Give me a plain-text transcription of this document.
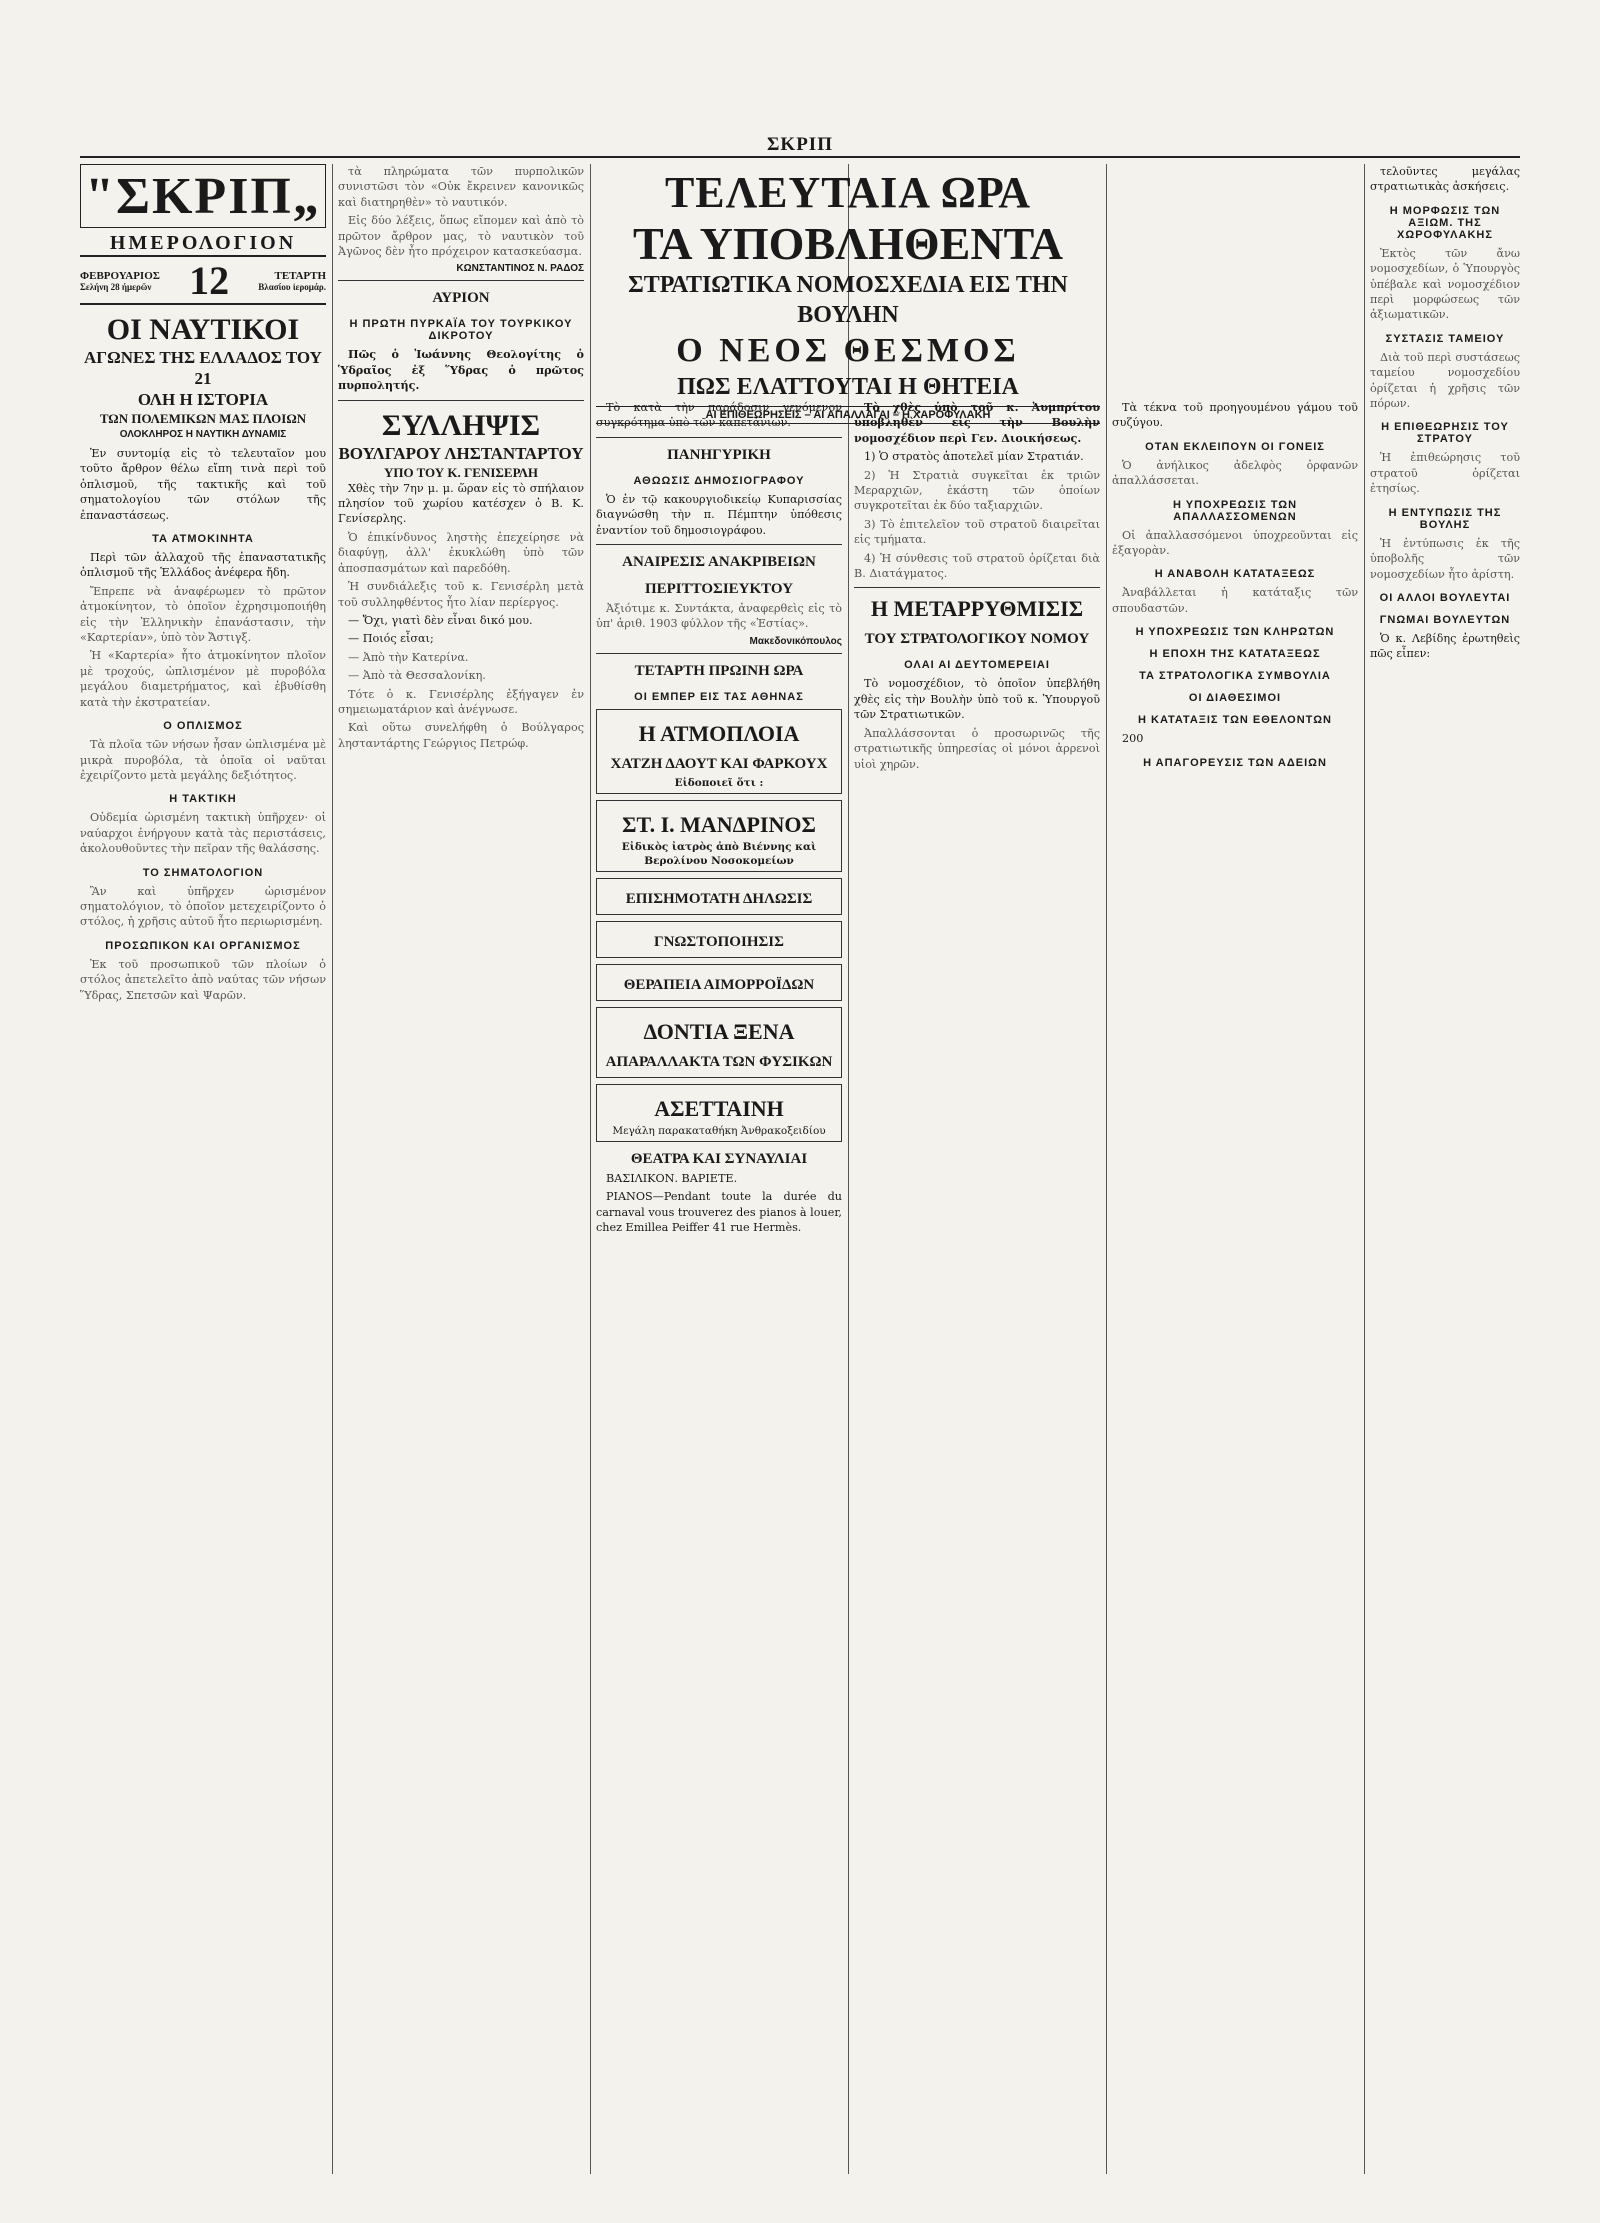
ΣΚΡΙΠ
"ΣΚΡΙΠ„
ΗΜΕΡΟΛΟΓΙΟΝ
ΦΕΒΡΟΥΑΡΙΟΣ
Σελήνη 28 ήμερῶν 12	ΤΕΤΑΡΤΗ
Βλασίου ἱερομάρ.
ΟΙ ΝΑΥΤΙΚΟΙ
ΑΓΩΝΕΣ ΤΗΣ ΕΛΛΑΔΟΣ ΤΟΥ 21
ΟΛΗ Η ΙΣΤΟΡΙΑ
ΤΩΝ ΠΟΛΕΜΙΚΩΝ ΜΑΣ ΠΛΟΙΩΝ
ΟΛΟΚΛΗΡΟΣ Η ΝΑΥΤΙΚΗ ΔΥΝΑΜΙΣ

Ἐν συντομίᾳ εἰς τὸ τελευταῖον μου τοῦτο ἄρθρον θέλω εἴπη τινὰ περὶ τοῦ ὁπλισμοῦ, τῆς τακτικῆς καὶ τοῦ σηματολογίου τῶν στόλων τῆς ἐπαναστάσεως.

ΤΑ ΑΤΜΟΚΙΝΗΤΑ

Περὶ τῶν ἀλλαχοῦ τῆς ἐπαναστατικῆς ὁπλισμοῦ τῆς Ἑλλάδος ἀνέφερα ἤδη.

Ἔπρεπε νὰ ἀναφέρωμεν τὸ πρῶτον ἀτμοκίνητον, τὸ ὁποῖον ἐχρησιμοποιήθη εἰς τὴν Ἑλληνικὴν ἐπανάστασιν, τὴν «Καρτερίαν», ὑπὸ τὸν Ἄστιγξ.

Ἡ «Καρτερία» ἦτο ἀτμοκίνητον πλοῖον μὲ τροχούς, ὡπλισμένον μὲ πυροβόλα μεγάλου διαμετρήματος, καὶ ἐβυθίσθη κατὰ τὴν ἐκστρατείαν.

Ο ΟΠΛΙΣΜΟΣ

Τὰ πλοῖα τῶν νήσων ἦσαν ὡπλισμένα μὲ μικρὰ πυροβόλα, τὰ ὁποῖα οἱ ναῦται ἐχειρίζοντο μετὰ μεγάλης δεξιότητος.

Η ΤΑΚΤΙΚΗ

Οὐδεμία ὡρισμένη τακτικὴ ὑπῆρχεν· οἱ ναύαρχοι ἐνήργουν κατὰ τὰς περιστάσεις, ἀκολουθοῦντες τὴν πεῖραν τῆς θαλάσσης.

ΤΟ ΣΗΜΑΤΟΛΟΓΙΟΝ

Ἂν καὶ ὑπῆρχεν ὡρισμένον σηματολόγιον, τὸ ὁποῖον μετεχειρίζοντο ὁ στόλος, ἡ χρῆσις αὐτοῦ ἦτο περιωρισμένη.

ΠΡΟΣΩΠΙΚΟΝ ΚΑΙ ΟΡΓΑΝΙΣΜΟΣ

Ἐκ τοῦ προσωπικοῦ τῶν πλοίων ὁ στόλος ἀπετελεῖτο ἀπὸ ναύτας τῶν νήσων Ὕδρας, Σπετσῶν καὶ Ψαρῶν.

τὰ πληρώματα τῶν πυρπολικῶν συνιστῶσι τὸν «Οὐκ ἔκρεινεν κανονικῶς καὶ διατηρηθὲν» τὸ ναυτικόν.

Εἰς δύο λέξεις, ὅπως εἴπομεν καὶ ἀπὸ τὸ πρῶτον ἄρθρον μας, τὸ ναυτικὸν τοῦ Ἀγῶνος δὲν ἦτο πρόχειρον κατασκεύασμα.

ΚΩΝΣΤΑΝΤΙΝΟΣ Ν. ΡΑΔΟΣ
ΑΥΡΙΟΝ
Η ΠΡΩΤΗ ΠΥΡΚΑΪΑ ΤΟΥ ΤΟΥΡΚΙΚΟΥ ΔΙΚΡΟΤΟΥ

Πῶς ὁ Ἰωάννης Θεολογίτης ὁ Ὑδραῖος ἐξ Ὕδρας ὁ πρῶτος πυρπολητής.

ΣΥΛΛΗΨΙΣ
ΒΟΥΛΓΑΡΟΥ ΛΗΣΤΑΝΤΑΡΤΟΥ
ΥΠΟ ΤΟΥ Κ. ΓΕΝΙΣΕΡΛΗ

Χθὲς τὴν 7ην μ. μ. ὥραν εἰς τὸ σπήλαιον πλησίον τοῦ χωρίου κατέσχεν ὁ Β. Κ. Γενίσερλης.

Ὁ ἐπικίνδυνος ληστὴς ἐπεχείρησε νὰ διαφύγῃ, ἀλλ' ἐκυκλώθη ὑπὸ τῶν ἀποσπασμάτων καὶ παρεδόθη.

Ἡ συνδιάλεξις τοῦ κ. Γενισέρλη μετὰ τοῦ συλληφθέντος ἦτο λίαν περίεργος.

— Ὄχι, γιατὶ δὲν εἶναι δικό μου.

— Ποιός εἶσαι;

— Ἀπὸ τὴν Κατερίνα.

— Ἀπὸ τὰ Θεσσαλονίκη.

Τότε ὁ κ. Γενισέρλης ἐξήγαγεν ἐν σημειωματάριον καὶ ἀνέγνωσε.

Καὶ οὕτω συνελήφθη ὁ Βούλγαρος λησταντάρτης Γεώργιος Πετρώφ.

Τὸ κατὰ τὴν παράδοσιν γενόμενον συγκρότημα ὑπὸ τῶν καπετάνιων.

ΠΑΝΗΓΥΡΙΚΗ
ΑΘΩΩΣΙΣ ΔΗΜΟΣΙΟΓΡΑΦΟΥ

Ὁ ἐν τῷ κακουργιοδικείῳ Κυπαρισσίας διαγνώσθη τὴν π. Πέμπτην ὑπόθεσις ἐναντίον τοῦ δημοσιογράφου.

ΑΝΑΙΡΕΣΙΣ ΑΝΑΚΡΙΒΕΙΩΝ
ΠΕΡΙΤΤΟΣΙΕΥΚΤΟΥ

Ἀξιότιμε κ. Συντάκτα, ἀναφερθεὶς εἰς τὸ ὑπ' ἀριθ. 1903 φύλλον τῆς «Ἑστίας».

Μακεδονικόπουλος
ΤΕΤΑΡΤΗ ΠΡΩΙΝΗ ΩΡΑ
ΟΙ ΕΜΠΕΡ ΕΙΣ ΤΑΣ ΑΘΗΝΑΣ
Η ΑΤΜΟΠΛΟΙΑ
ΧΑΤΖΗ ΔΑΟΥΤ ΚΑΙ ΦΑΡΚΟΥΧ
Εἰδοποιεῖ ὅτι :
ΣΤ. Ι. ΜΑΝΔΡΙΝΟΣ
Εἰδικὸς ἰατρὸς ἀπὸ Βιέννης καὶ Βερολίνου Νοσοκομείων
ΕΠΙΣΗΜΟΤΑΤΗ ΔΗΛΩΣΙΣ
ΓΝΩΣΤΟΠΟΙΗΣΙΣ
ΘΕΡΑΠΕΙΑ ΑΙΜΟΡΡΟΪΔΩΝ
ΔΟΝΤΙΑ ΞΕΝΑ
ΑΠΑΡΑΛΛΑΚΤΑ ΤΩΝ ΦΥΣΙΚΩΝ
ΑΣΕΤΤΑΙΝΗ
Μεγάλη παρακαταθήκη Ἀνθρακοξειδίου
ΘΕΑΤΡΑ ΚΑΙ ΣΥΝΑΥΛΙΑΙ

ΒΑΣΙΛΙΚΟΝ. ΒΑΡΙΕΤΕ.

PIANOS—Pendant toute la durée du carnaval vous trouverez des pianos à louer, chez Emillea Peiffer 41 rue Hermès.

ΤΕΛΕΥΤΑΙΑ ΩΡΑ
ΤΑ ΥΠΟΒΛΗΘΕΝΤΑ
ΣΤΡΑΤΙΩΤΙΚΑ ΝΟΜΟΣΧΕΔΙΑ ΕΙΣ ΤΗΝ ΒΟΥΛΗΝ
Ο ΝΕΟΣ ΘΕΣΜΟΣ
ΠΩΣ ΕΛΑΤΤΟΥΤΑΙ Η ΘΗΤΕΙΑ
ΑΙ ΕΠΙΘΕΩΡΗΣΕΙΣ – ΑΙ ΑΠΑΛΛΑΓΑΙ – Η ΧΑΡΟΦΥΛΑΚΗ

Τὸ χθὲς ὑπὸ τοῦ κ. Ἀυμπρίτου ὑποβληθὲν εἰς τὴν Βουλὴν νομοσχέδιον περὶ Γεν. Διοικήσεως.

1) Ὁ στρατὸς ἀποτελεῖ μίαν Στρατιάν.

2) Ἡ Στρατιὰ συγκεῖται ἐκ τριῶν Μεραρχιῶν, ἑκάστη τῶν ὁποίων συγκροτεῖται ἐκ δύο ταξιαρχιῶν.

3) Τὸ ἐπιτελεῖον τοῦ στρατοῦ διαιρεῖται εἰς τμήματα.

4) Ἡ σύνθεσις τοῦ στρατοῦ ὁρίζεται διὰ Β. Διατάγματος.

Η ΜΕΤΑΡΡΥΘΜΙΣΙΣ
ΤΟΥ ΣΤΡΑΤΟΛΟΓΙΚΟΥ ΝΟΜΟΥ
ΟΛΑΙ ΑΙ ΔΕΥΤΟΜΕΡΕΙΑΙ

Τὸ νομοσχέδιον, τὸ ὁποῖον ὑπεβλήθη χθὲς εἰς τὴν Βουλὴν ὑπὸ τοῦ κ. Ὑπουργοῦ τῶν Στρατιωτικῶν.

Ἀπαλλάσσονται ὁ προσωρινῶς τῆς στρατιωτικῆς ὑπηρεσίας οἱ μόνοι ἀρρενοὶ υἱοὶ χηρῶν.

Τὰ τέκνα τοῦ προηγουμένου γάμου τοῦ συζύγου.

ΟΤΑΝ ΕΚΛΕΙΠΟΥΝ ΟΙ ΓΟΝΕΙΣ

Ὁ ἀνήλικος ἀδελφὸς ὀρφανῶν ἀπαλλάσσεται.

Η ΥΠΟΧΡΕΩΣΙΣ ΤΩΝ ΑΠΑΛΛΑΣΣΟΜΕΝΩΝ

Οἱ ἀπαλλασσόμενοι ὑποχρεοῦνται εἰς ἐξαγορὰν.

Η ΑΝΑΒΟΛΗ ΚΑΤΑΤΑΞΕΩΣ

Ἀναβάλλεται ἡ κατάταξις τῶν σπουδαστῶν.

Η ΥΠΟΧΡΕΩΣΙΣ ΤΩΝ ΚΛΗΡΩΤΩΝ
Η ΕΠΟΧΗ ΤΗΣ ΚΑΤΑΤΑΞΕΩΣ
ΤΑ ΣΤΡΑΤΟΛΟΓΙΚΑ ΣΥΜΒΟΥΛΙΑ
ΟΙ ΔΙΑΘΕΣΙΜΟΙ
Η ΚΑΤΑΤΑΞΙΣ ΤΩΝ ΕΘΕΛΟΝΤΩΝ

200

Η ΑΠΑΓΟΡΕΥΣΙΣ ΤΩΝ ΑΔΕΙΩΝ

τελοῦντες μεγάλας στρατιωτικὰς ἀσκήσεις.

Η ΜΟΡΦΩΣΙΣ ΤΩΝ ΑΞΙΩΜ. ΤΗΣ ΧΩΡΟΦΥΛΑΚΗΣ

Ἐκτὸς τῶν ἄνω νομοσχεδίων, ὁ Ὑπουργὸς ὑπέβαλε καὶ νομοσχέδιον περὶ μορφώσεως τῶν ἀξιωματικῶν.

ΣΥΣΤΑΣΙΣ ΤΑΜΕΙΟΥ

Διὰ τοῦ περὶ συστάσεως ταμείου νομοσχεδίου ὁρίζεται ἡ χρῆσις τῶν πόρων.

Η ΕΠΙΘΕΩΡΗΣΙΣ ΤΟΥ ΣΤΡΑΤΟΥ

Ἡ ἐπιθεώρησις τοῦ στρατοῦ ὁρίζεται ἐτησίως.

Η ΕΝΤΥΠΩΣΙΣ ΤΗΣ ΒΟΥΛΗΣ

Ἡ ἐντύπωσις ἐκ τῆς ὑποβολῆς τῶν νομοσχεδίων ἦτο ἀρίστη.

ΟΙ ΑΛΛΟΙ ΒΟΥΛΕΥΤΑΙ
ΓΝΩΜΑΙ ΒΟΥΛΕΥΤΩΝ

Ὁ κ. Λεβίδης ἐρωτηθεὶς πῶς εἶπεν:
